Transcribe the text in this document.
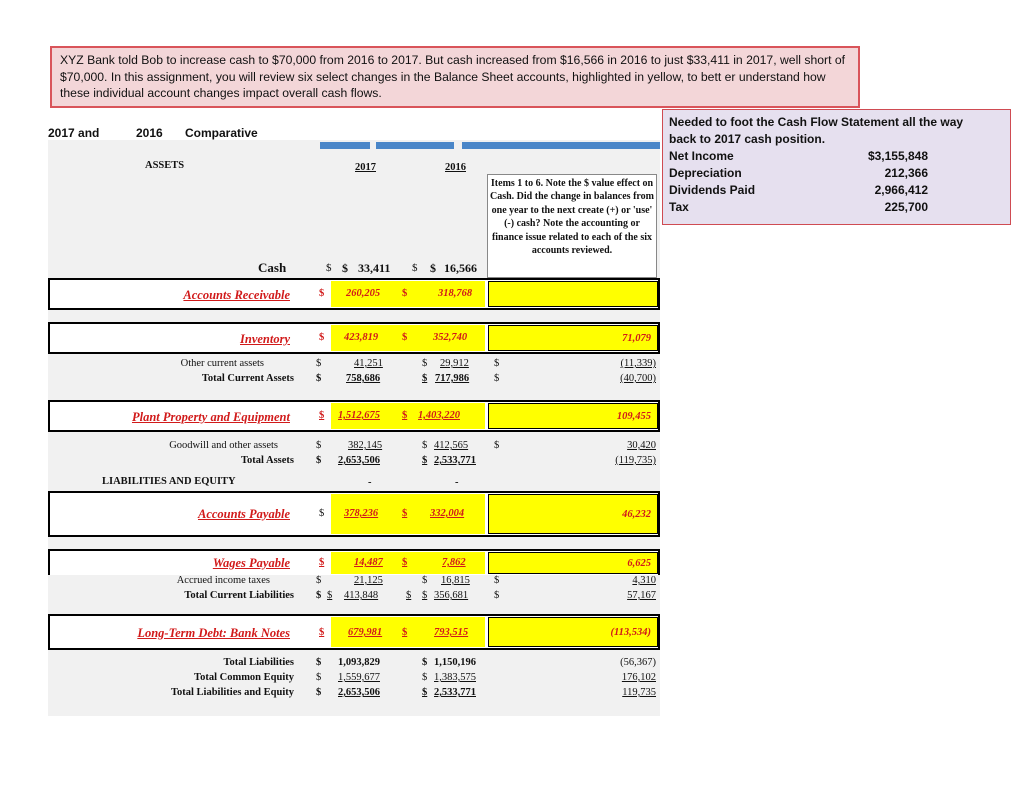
XYZ Bank told Bob to increase cash to $70,000 from 2016 to 2017. But cash increased from $16,566 in 2016 to just $33,411 in 2017, well short of $70,000. In this assignment, you will review six select changes in the Balance Sheet accounts, highlighted in yellow, to bett er understand how these individual account changes impact overall cash flows.
2017 and	2016 Comparative
Needed to foot the Cash Flow Statement all the way
back to 2017 cash position.
Net Income	$3,155,848
Depreciation	212,366
Dividends Paid	2,966,412
Tax	225,700
ASSETS	2017	2016
Items 1 to 6. Note the $ value effect on Cash. Did the change in balances from one year to the next create (+) or 'use' (-) cash? Note the accounting or finance issue related to each of the six accounts reviewed.
Cash	$ $ 33,411 $ $ 16,566
Accounts Receivable	$ 260,205 $	318,768
Inventory	$ 423,819 $ 352,740	71,079
Other current assets	$	41,251	$ 29,912	(11,339)
$
Total Current Assets $ 758,686	$ 717,986	(40,700)
$
Plant Property and Equipment	$ 1,512,675 $ 1,403,220	109,455
Goodwill and other assets	$	382,145	$ 412,565	30,420
$
Total Assets $ 2,653,506	$ 2,533,771	(119,735)
LIABILITIES AND EQUITY	-	-
Accounts Payable	$ 378,236 $ 332,004	46,232
Wages Payable	$	14,487 $	7,862	6,625
Accrued income taxes	$	21,125	$ 16,815	4,310
$
Total Current Liabilities $ $ 413,848	$ $ 356,681	57,167
$
Long-Term Debt: Bank Notes	$ 679,981 $	793,515	(113,534)
Total Liabilities $ 1,093,829	$ 1,150,196	(56,367)
Total Common Equity $ 1,559,677	$ 1,383,575	176,102
Total Liabilities and Equity $ 2,653,506	$ 2,533,771	119,735
